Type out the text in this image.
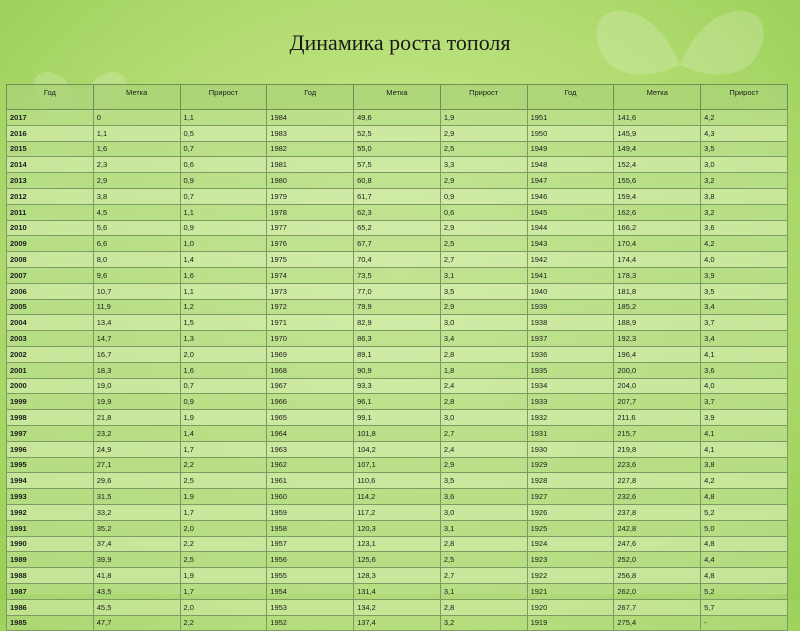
Динамика роста тополя
Год	Метка	Прирост	Год	Метка	Прирост	Год	Метка	Прирост
2017	0	1,1	1984	49,6	1,9	1951	141,6	4,2
2016	1,1	0,5	1983	52,5	2,9	1950	145,9	4,3
2015	1,6	0,7	1982	55,0	2,5	1949	149,4	3,5
2014	2,3	0,6	1981	57,5	3,3	1948	152,4	3,0
2013	2,9	0,9	1980	60,8	2,9	1947	155,6	3,2
2012	3,8	0,7	1979	61,7	0,9	1946	159,4	3,8
2011	4,5	1,1	1978	62,3	0,6	1945	162,6	3,2
2010	5,6	0,9	1977	65,2	2,9	1944	166,2	3,6
2009	6,6	1,0	1976	67,7	2,5	1943	170,4	4,2
2008	8,0	1,4	1975	70,4	2,7	1942	174,4	4,0
2007	9,6	1,6	1974	73,5	3,1	1941	178,3	3,9
2006	10,7	1,1	1973	77,0	3,5	1940	181,8	3,5
2005	11,9	1,2	1972	79,9	2,9	1939	185,2	3,4
2004	13,4	1,5	1971	82,9	3,0	1938	188,9	3,7
2003	14,7	1,3	1970	86,3	3,4	1937	192,3	3,4
2002	16,7	2,0	1969	89,1	2,8	1936	196,4	4,1
2001	18,3	1,6	1968	90,9	1,8	1935	200,0	3,6
2000	19,0	0,7	1967	93,3	2,4	1934	204,0	4,0
1999	19,9	0,9	1966	96,1	2,8	1933	207,7	3,7
1998	21,8	1,9	1965	99,1	3,0	1932	211,6	3,9
1997	23,2	1,4	1964	101,8	2,7	1931	215,7	4,1
1996	24,9	1,7	1963	104,2	2,4	1930	219,8	4,1
1995	27,1	2,2	1962	107,1	2,9	1929	223,6	3,8
1994	29,6	2,5	1961	110,6	3,5	1928	227,8	4,2
1993	31,5	1,9	1960	114,2	3,6	1927	232,6	4,8
1992	33,2	1,7	1959	117,2	3,0	1926	237,8	5,2
1991	35,2	2,0	1958	120,3	3,1	1925	242,8	5,0
1990	37,4	2,2	1957	123,1	2,8	1924	247,6	4,8
1989	39,9	2,5	1956	125,6	2,5	1923	252,0	4,4
1988	41,8	1,9	1955	128,3	2,7	1922	256,8	4,8
1987	43,5	1,7	1954	131,4	3,1	1921	262,0	5,2
1986	45,5	2,0	1953	134,2	2,8	1920	267,7	5,7
1985	47,7	2,2	1952	137,4	3,2	1919	275,4	-
